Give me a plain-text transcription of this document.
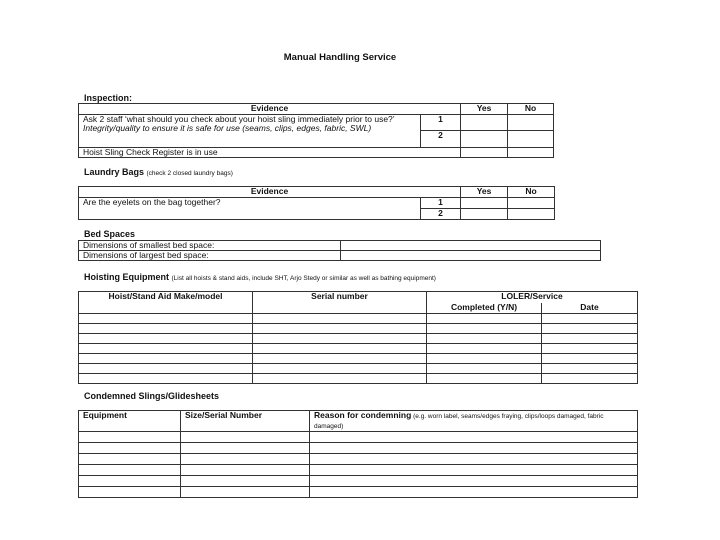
Manual Handling Service
Inspection:
Evidence		Yes	No
Ask 2 staff ‘what should you check about your hoist sling immediately prior to use?’ Integrity/quality to ensure it is safe for use (seams, clips, edges, fabric, SWL)	1		
	2		
Hoist Sling Check Register is in use			
Laundry Bags (check 2 closed laundry bags)
Evidence		Yes	No
Are the eyelets on the bag together?	1		
	2		
Bed Spaces
Dimensions of smallest bed space:	
Dimensions of largest bed space:	
Hoisting Equipment (List all hoists & stand aids, include SHT, Arjo Stedy or similar as well as bathing equipment)
Hoist/Stand Aid Make/model	Serial number	LOLER/Service	
		Completed (Y/N)	Date

Condemned Slings/Glidesheets
Equipment	Size/Serial Number	Reason for condemning (e.g. worn label, seams/edges fraying, clips/loops damaged, fabric damaged)
